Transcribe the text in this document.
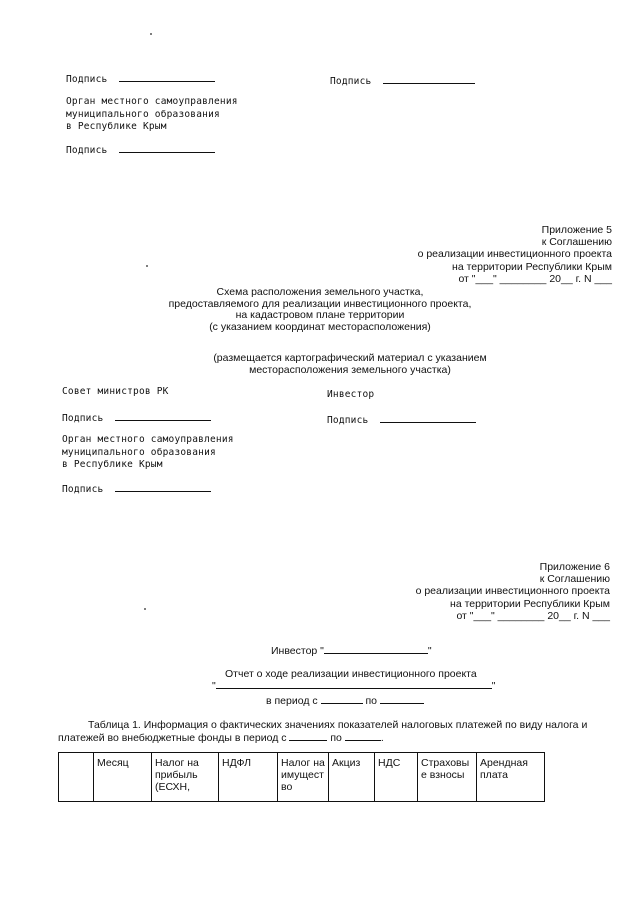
Подпись	Подпись
Орган местного самоуправления
муниципального образования
в Республике Крым
Подпись
Приложение 5
к Соглашению
о реализации инвестиционного проекта
на территории Республики Крым
от "___" ________ 20__ г. N ___
Схема расположения земельного участка,
предоставляемого для реализации инвестиционного проекта,
на кадастровом плане территории
(с указанием координат месторасположения)
(размещается картографический материал с указанием
месторасположения земельного участка)
Совет министров РК	Инвестор
Подпись	Подпись
Орган местного самоуправления
муниципального образования
в Республике Крым
Подпись
Приложение 6
к Соглашению
о реализации инвестиционного проекта
на территории Республики Крым
от "___" ________ 20__ г. N ___
Инвестор "	"
Отчет о ходе реализации инвестиционного проекта
"	"
в период с	по
Таблица 1. Информация о фактических значениях показателей налоговых платежей по виду налога и
платежей во внебюджетные фонды в период с	по	.
	Месяц	Налог на прибыль (ЕСХН,	НДФЛ	Налог на имущест во	Акциз	НДС	Страховы е взносы	Арендная плата
